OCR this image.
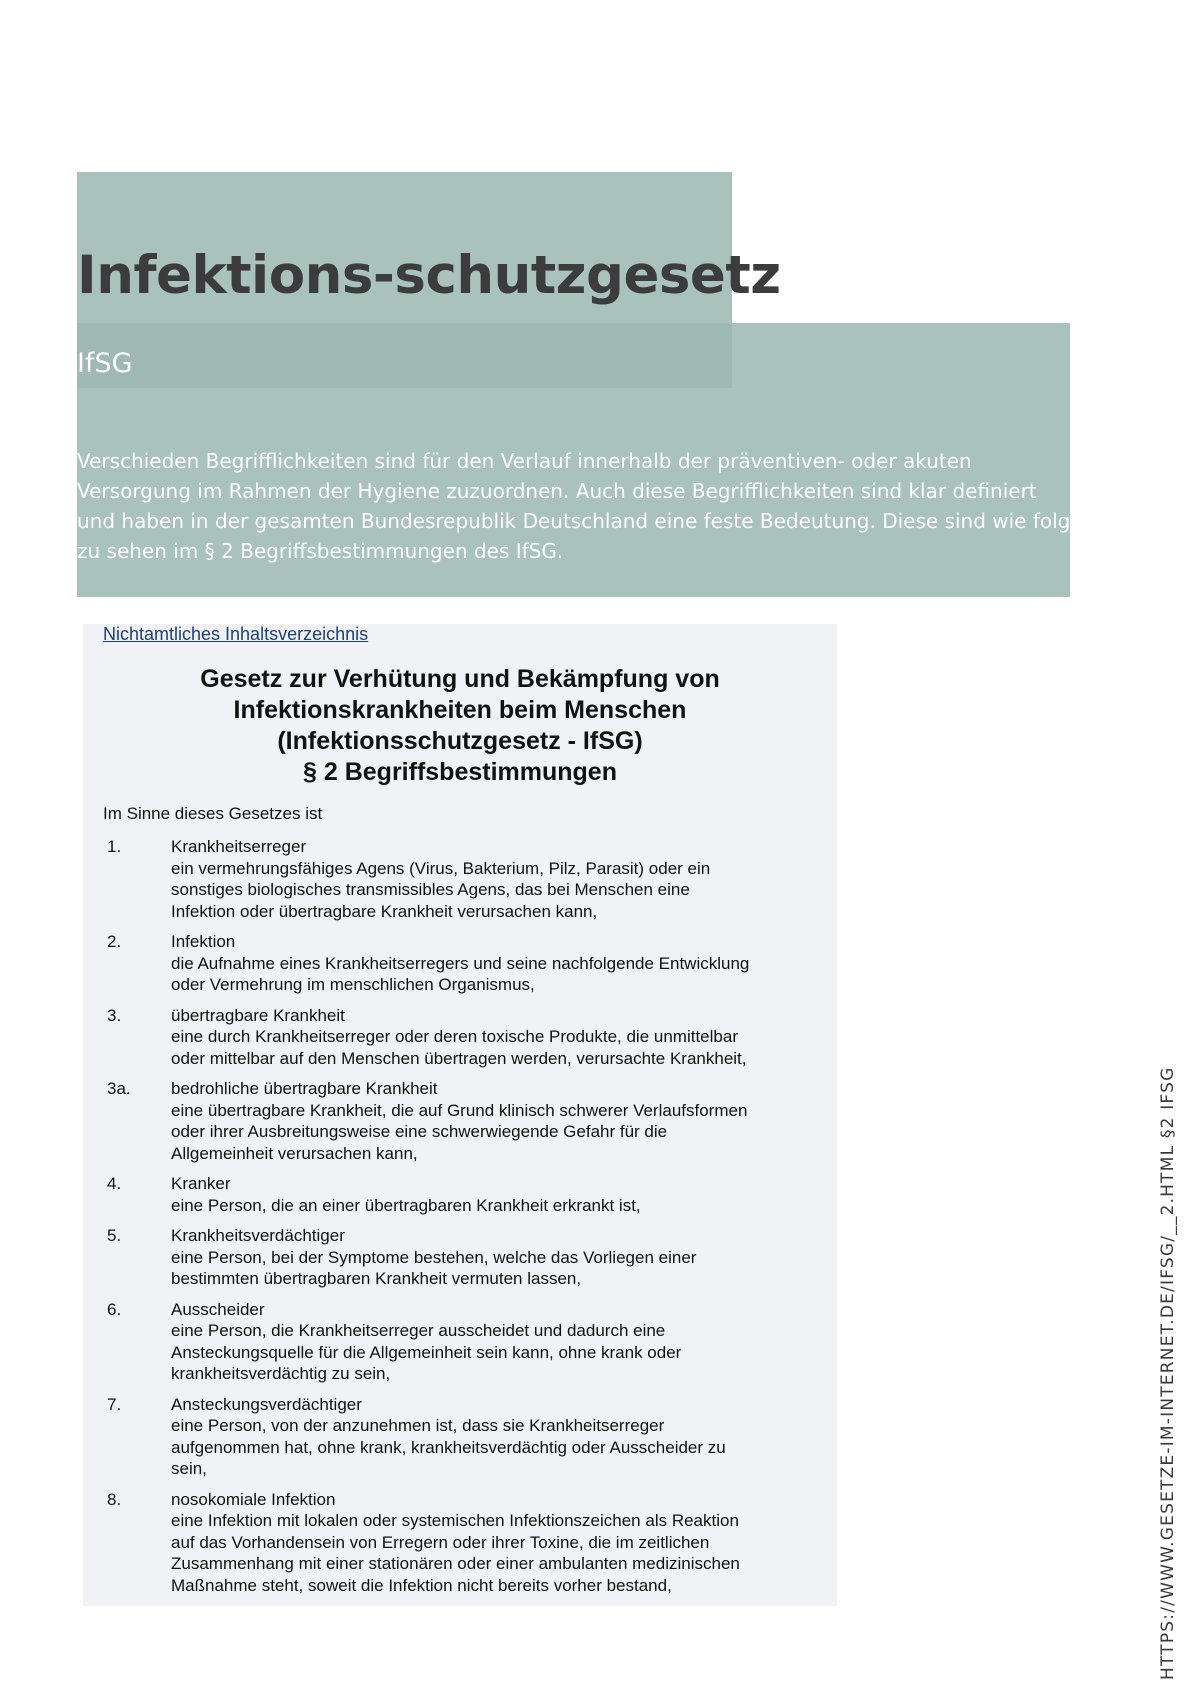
Infektions-schutzgesetz
IfSG

Verschieden Begrifflichkeiten sind für den Verlauf innerhalb der präventiven- oder akuten
Versorgung im Rahmen der Hygiene zuzuordnen. Auch diese Begrifflichkeiten sind klar definiert
und haben in der gesamten Bundesrepublik Deutschland eine feste Bedeutung. Diese sind wie folgt
zu sehen im § 2 Begriffsbestimmungen des IfSG.

Nichtamtliches Inhaltsverzeichnis
Gesetz zur Verhütung und Bekämpfung von
Infektionskrankheiten beim Menschen
(Infektionsschutzgesetz - IfSG)
§ 2 Begriffsbestimmungen
Im Sinne dieses Gesetzes ist
1.	Krankheitserreger
ein vermehrungsfähiges Agens (Virus, Bakterium, Pilz, Parasit) oder ein
sonstiges biologisches transmissibles Agens, das bei Menschen eine
Infektion oder übertragbare Krankheit verursachen kann,
2.	Infektion
die Aufnahme eines Krankheitserregers und seine nachfolgende Entwicklung
oder Vermehrung im menschlichen Organismus,
3.	übertragbare Krankheit
eine durch Krankheitserreger oder deren toxische Produkte, die unmittelbar
oder mittelbar auf den Menschen übertragen werden, verursachte Krankheit,
3a. bedrohliche übertragbare Krankheit
eine übertragbare Krankheit, die auf Grund klinisch schwerer Verlaufsformen
oder ihrer Ausbreitungsweise eine schwerwiegende Gefahr für die
Allgemeinheit verursachen kann,
4.	Kranker
eine Person, die an einer übertragbaren Krankheit erkrankt ist,
5.	Krankheitsverdächtiger
eine Person, bei der Symptome bestehen, welche das Vorliegen einer
bestimmten übertragbaren Krankheit vermuten lassen,
6.	Ausscheider
eine Person, die Krankheitserreger ausscheidet und dadurch eine
Ansteckungsquelle für die Allgemeinheit sein kann, ohne krank oder
krankheitsverdächtig zu sein,
7.	Ansteckungsverdächtiger
eine Person, von der anzunehmen ist, dass sie Krankheitserreger
aufgenommen hat, ohne krank, krankheitsverdächtig oder Ausscheider zu
sein,
8.	nosokomiale Infektion
eine Infektion mit lokalen oder systemischen Infektionszeichen als Reaktion
auf das Vorhandensein von Erregern oder ihrer Toxine, die im zeitlichen
Zusammenhang mit einer stationären oder einer ambulanten medizinischen
Maßnahme steht, soweit die Infektion nicht bereits vorher bestand,	HTTPS://WWW.GESETZE-IM-INTERNET.DE/IFSG/__2.HTML §2 IFSG
